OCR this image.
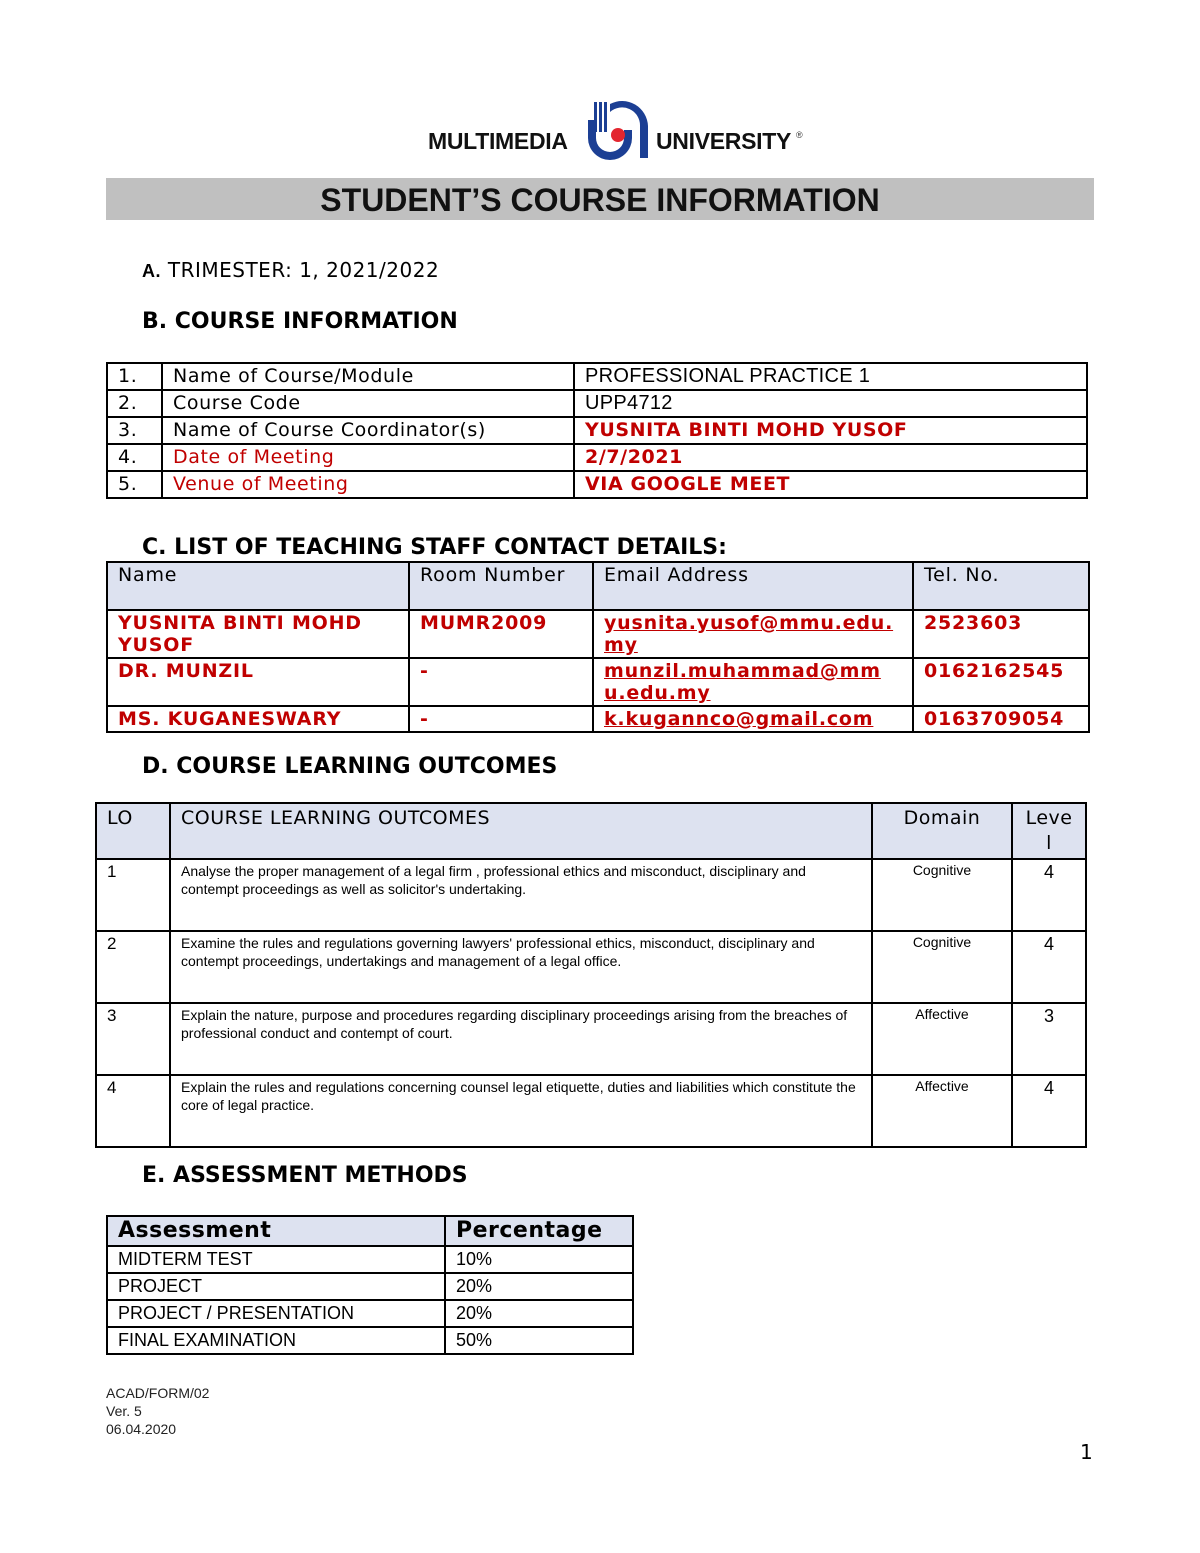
MULTIMEDIA	UNIVERSITY ®
STUDENT’S COURSE INFORMATION
A. TRIMESTER: 1, 2021/2022
B. COURSE INFORMATION
1.	Name of Course/Module	PROFESSIONAL PRACTICE 1
2.	Course Code	UPP4712
3.	Name of Course Coordinator(s)	YUSNITA BINTI MOHD YUSOF
4.	Date of Meeting	2/7/2021
5.	Venue of Meeting	VIA GOOGLE MEET
C. LIST OF TEACHING STAFF CONTACT DETAILS:
Name	Room Number	Email Address	Tel. No.
YUSNITA BINTI MOHD YUSOF	MUMR2009	yusnita.yusof@mmu.edu.my	2523603
DR. MUNZIL	-	munzil.muhammad@mmu.edu.my	0162162545
MS. KUGANESWARY	-	k.kugannco@gmail.com	0163709054
D. COURSE LEARNING OUTCOMES
LO	COURSE LEARNING OUTCOMES	Domain	Level
1	Analyse the proper management of a legal firm , professional ethics and misconduct, disciplinary and contempt proceedings as well as solicitor's undertaking.	Cognitive	4
2	Examine the rules and regulations governing lawyers' professional ethics, misconduct, disciplinary and contempt proceedings, undertakings and management of a legal office.	Cognitive	4
3	Explain the nature, purpose and procedures regarding disciplinary proceedings arising from the breaches of professional conduct and contempt of court.	Affective	3
4	Explain the rules and regulations concerning counsel legal etiquette, duties and liabilities which constitute the core of legal practice.	Affective	4
E. ASSESSMENT METHODS
Assessment	Percentage
MIDTERM TEST	10%
PROJECT	20%
PROJECT / PRESENTATION	20%
FINAL EXAMINATION	50%
ACAD/FORM/02
Ver. 5
06.04.2020
1
